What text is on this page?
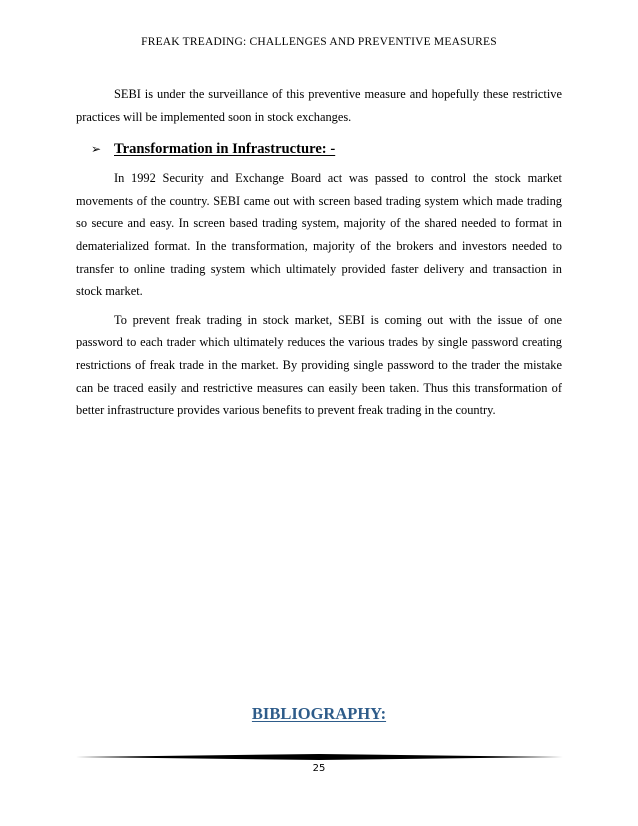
FREAK TREADING: CHALLENGES AND PREVENTIVE MEASURES

SEBI is under the surveillance of this preventive measure and hopefully these restrictive practices will be implemented soon in stock exchanges.

➢ Transformation in Infrastructure: -

In 1992 Security and Exchange Board act was passed to control the stock market movements of the country. SEBI came out with screen based trading system which made trading so secure and easy. In screen based trading system, majority of the shared needed to format in dematerialized format. In the transformation, majority of the brokers and investors needed to transfer to online trading system which ultimately provided faster delivery and transaction in stock market.

To prevent freak trading in stock market, SEBI is coming out with the issue of one password to each trader which ultimately reduces the various trades by single password creating restrictions of freak trade in the market. By providing single password to the trader the mistake can be traced easily and restrictive measures can easily been taken. Thus this transformation of better infrastructure provides various benefits to prevent freak trading in the country.

BIBLIOGRAPHY:
25
